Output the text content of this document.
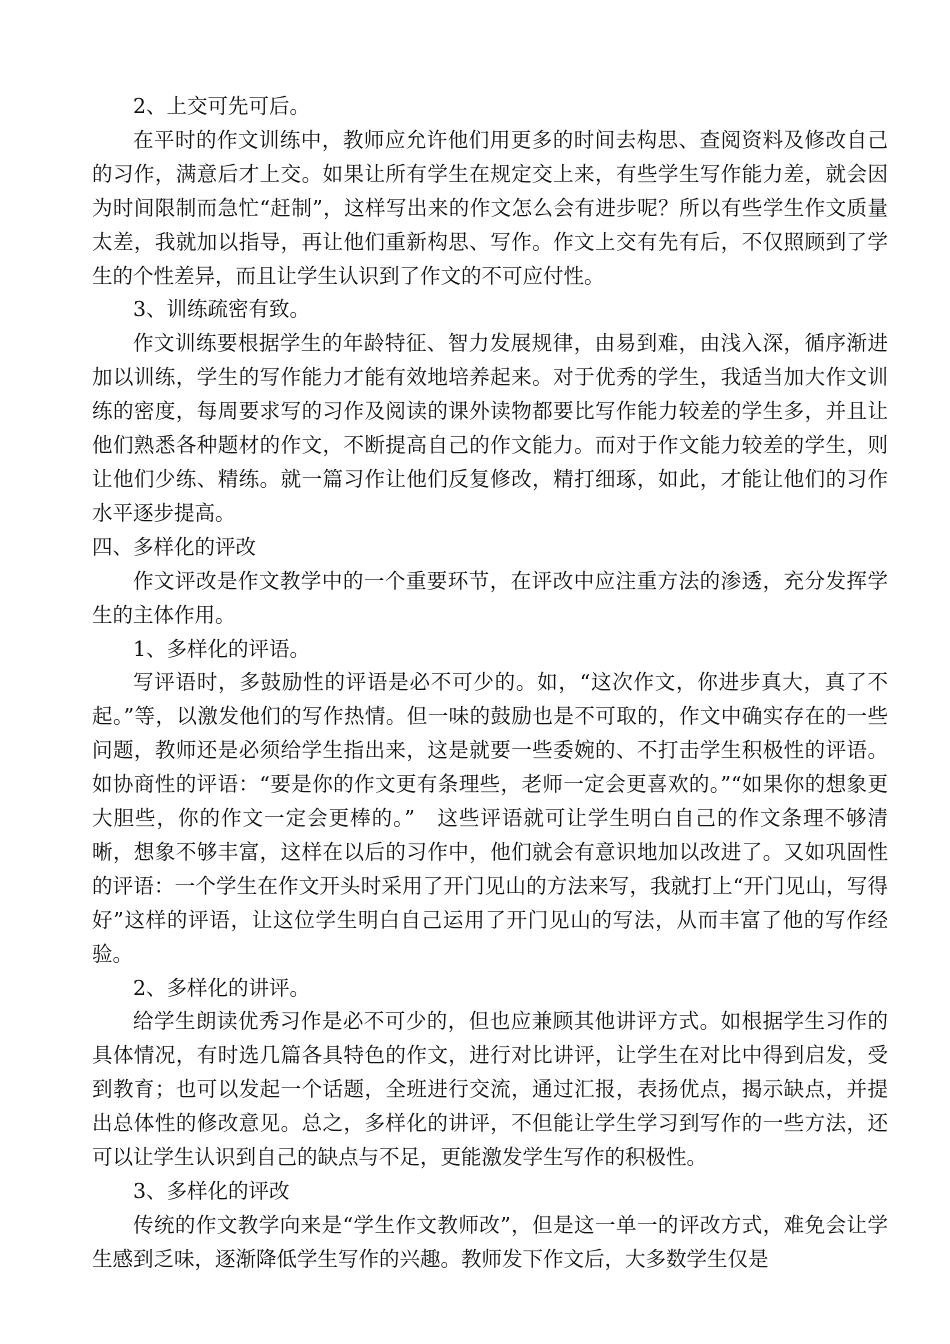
2、上交可先可后。

在平时的作文训练中，教师应允许他们用更多的时间去构思、查阅资料及修改自己的习作，满意后才上交。如果让所有学生在规定交上来，有些学生写作能力差，就会因为时间限制而急忙“赶制”，这样写出来的作文怎么会有进步呢？所以有些学生作文质量太差，我就加以指导，再让他们重新构思、写作。作文上交有先有后，不仅照顾到了学生的个性差异，而且让学生认识到了作文的不可应付性。

3、训练疏密有致。

作文训练要根据学生的年龄特征、智力发展规律，由易到难，由浅入深，循序渐进加以训练，学生的写作能力才能有效地培养起来。对于优秀的学生，我适当加大作文训练的密度，每周要求写的习作及阅读的课外读物都要比写作能力较差的学生多，并且让他们熟悉各种题材的作文，不断提高自己的作文能力。而对于作文能力较差的学生，则让他们少练、精练。就一篇习作让他们反复修改，精打细琢，如此，才能让他们的习作水平逐步提高。

四、多样化的评改

作文评改是作文教学中的一个重要环节，在评改中应注重方法的渗透，充分发挥学生的主体作用。

1、多样化的评语。

写评语时，多鼓励性的评语是必不可少的。如，“这次作文，你进步真大，真了不起。”等，以激发他们的写作热情。但一味的鼓励也是不可取的，作文中确实存在的一些问题，教师还是必须给学生指出来，这是就要一些委婉的、不打击学生积极性的评语。如协商性的评语：“要是你的作文更有条理些，老师一定会更喜欢的。”“如果你的想象更大胆些，你的作文一定会更棒的。”　这些评语就可让学生明白自己的作文条理不够清晰，想象不够丰富，这样在以后的习作中，他们就会有意识地加以改进了。又如巩固性的评语：一个学生在作文开头时采用了开门见山的方法来写，我就打上“开门见山，写得好”这样的评语，让这位学生明白自己运用了开门见山的写法，从而丰富了他的写作经验。

2、多样化的讲评。

给学生朗读优秀习作是必不可少的，但也应兼顾其他讲评方式。如根据学生习作的具体情况，有时选几篇各具特色的作文，进行对比讲评，让学生在对比中得到启发，受到教育；也可以发起一个话题，全班进行交流，通过汇报，表扬优点，揭示缺点，并提出总体性的修改意见。总之，多样化的讲评，不但能让学生学习到写作的一些方法，还可以让学生认识到自己的缺点与不足，更能激发学生写作的积极性。

3、多样化的评改

传统的作文教学向来是“学生作文教师改”，但是这一单一的评改方式，难免会让学生感到乏味，逐渐降低学生写作的兴趣。教师发下作文后，大多数学生仅是
